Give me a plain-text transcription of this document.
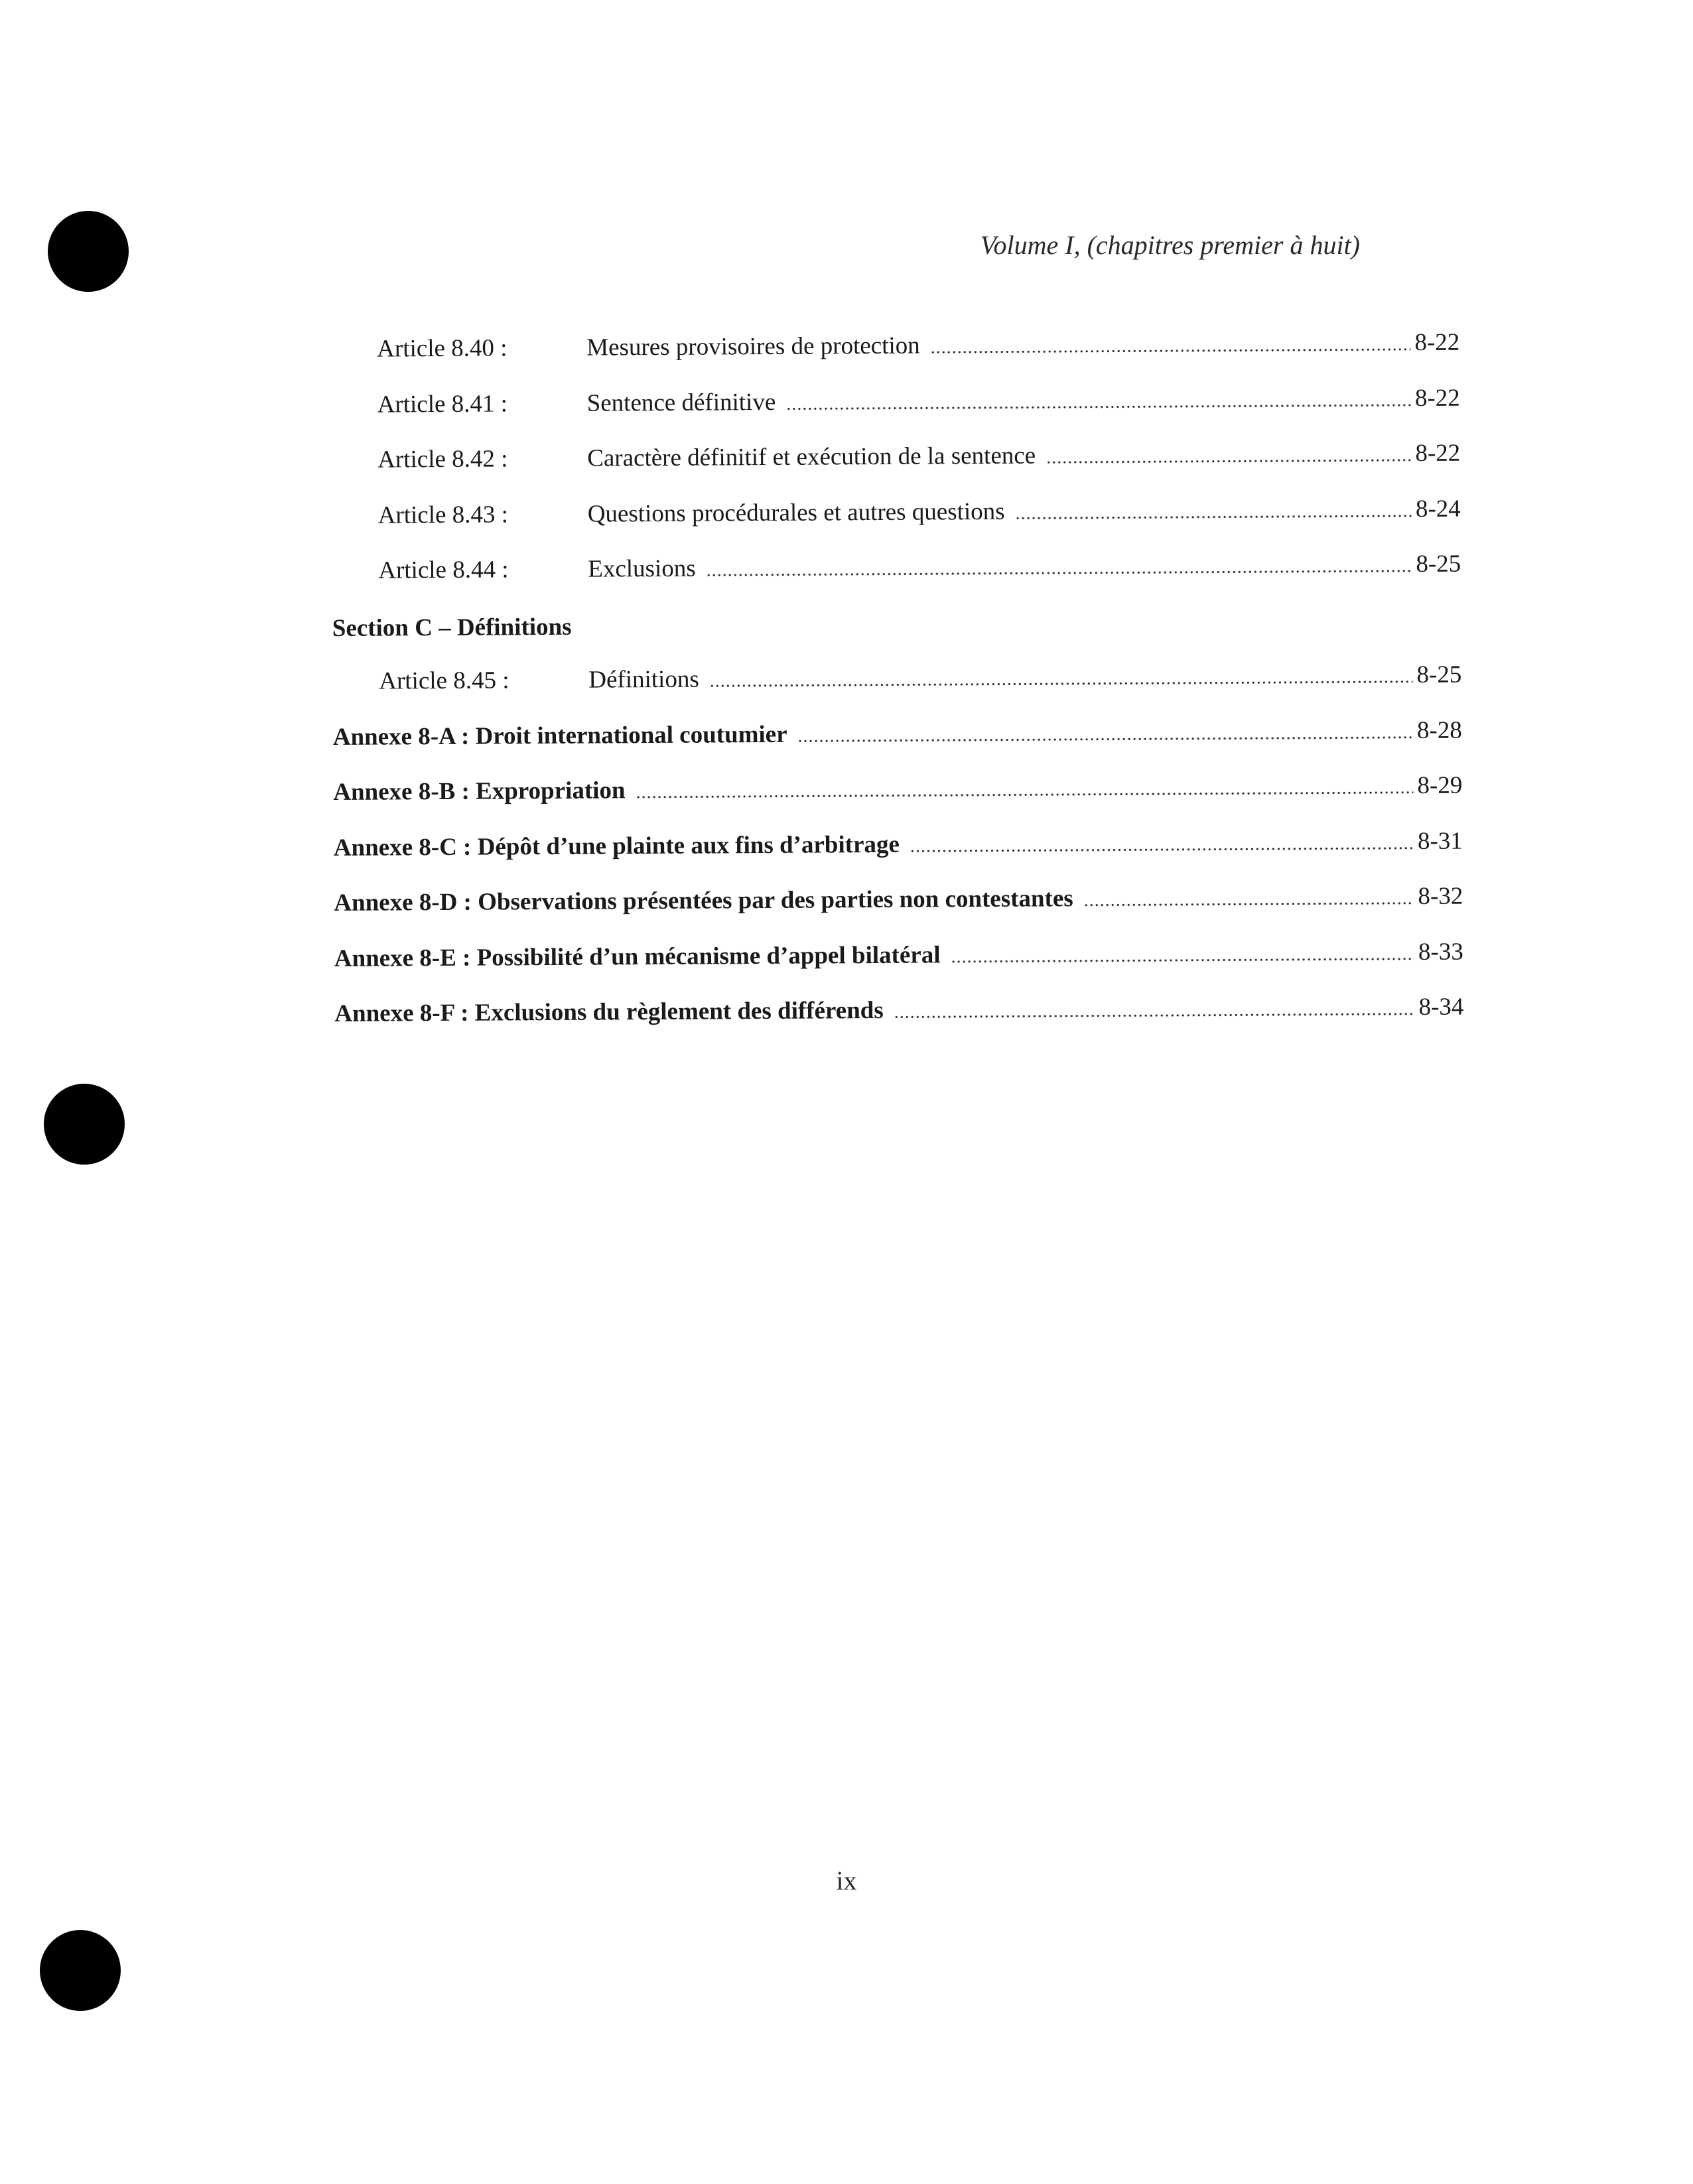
Volume I, (chapitres premier à huit)
Article 8.40 :	Mesures provisoires de protection . . .	8-22
Article 8.41 :	Sentence définitive . . .	8-22
Article 8.42 :	Caractère définitif et exécution de la sentence . . .	8-22
Article 8.43 :	Questions procédurales et autres questions . . .	8-24
Article 8.44 :	Exclusions . . .	8-25
Section C – Définitions
Article 8.45 :	Définitions . . .	8-25
Annexe 8-A : Droit international coutumier . . .	8-28
Annexe 8-B : Expropriation . . .	8-29
Annexe 8-C : Dépôt d’une plainte aux fins d’arbitrage . . .	8-31
Annexe 8-D : Observations présentées par des parties non contestantes . . .	8-32
Annexe 8-E : Possibilité d’un mécanisme d’appel bilatéral . . .	8-33
Annexe 8-F : Exclusions du règlement des différends . . .	8-34
ix
